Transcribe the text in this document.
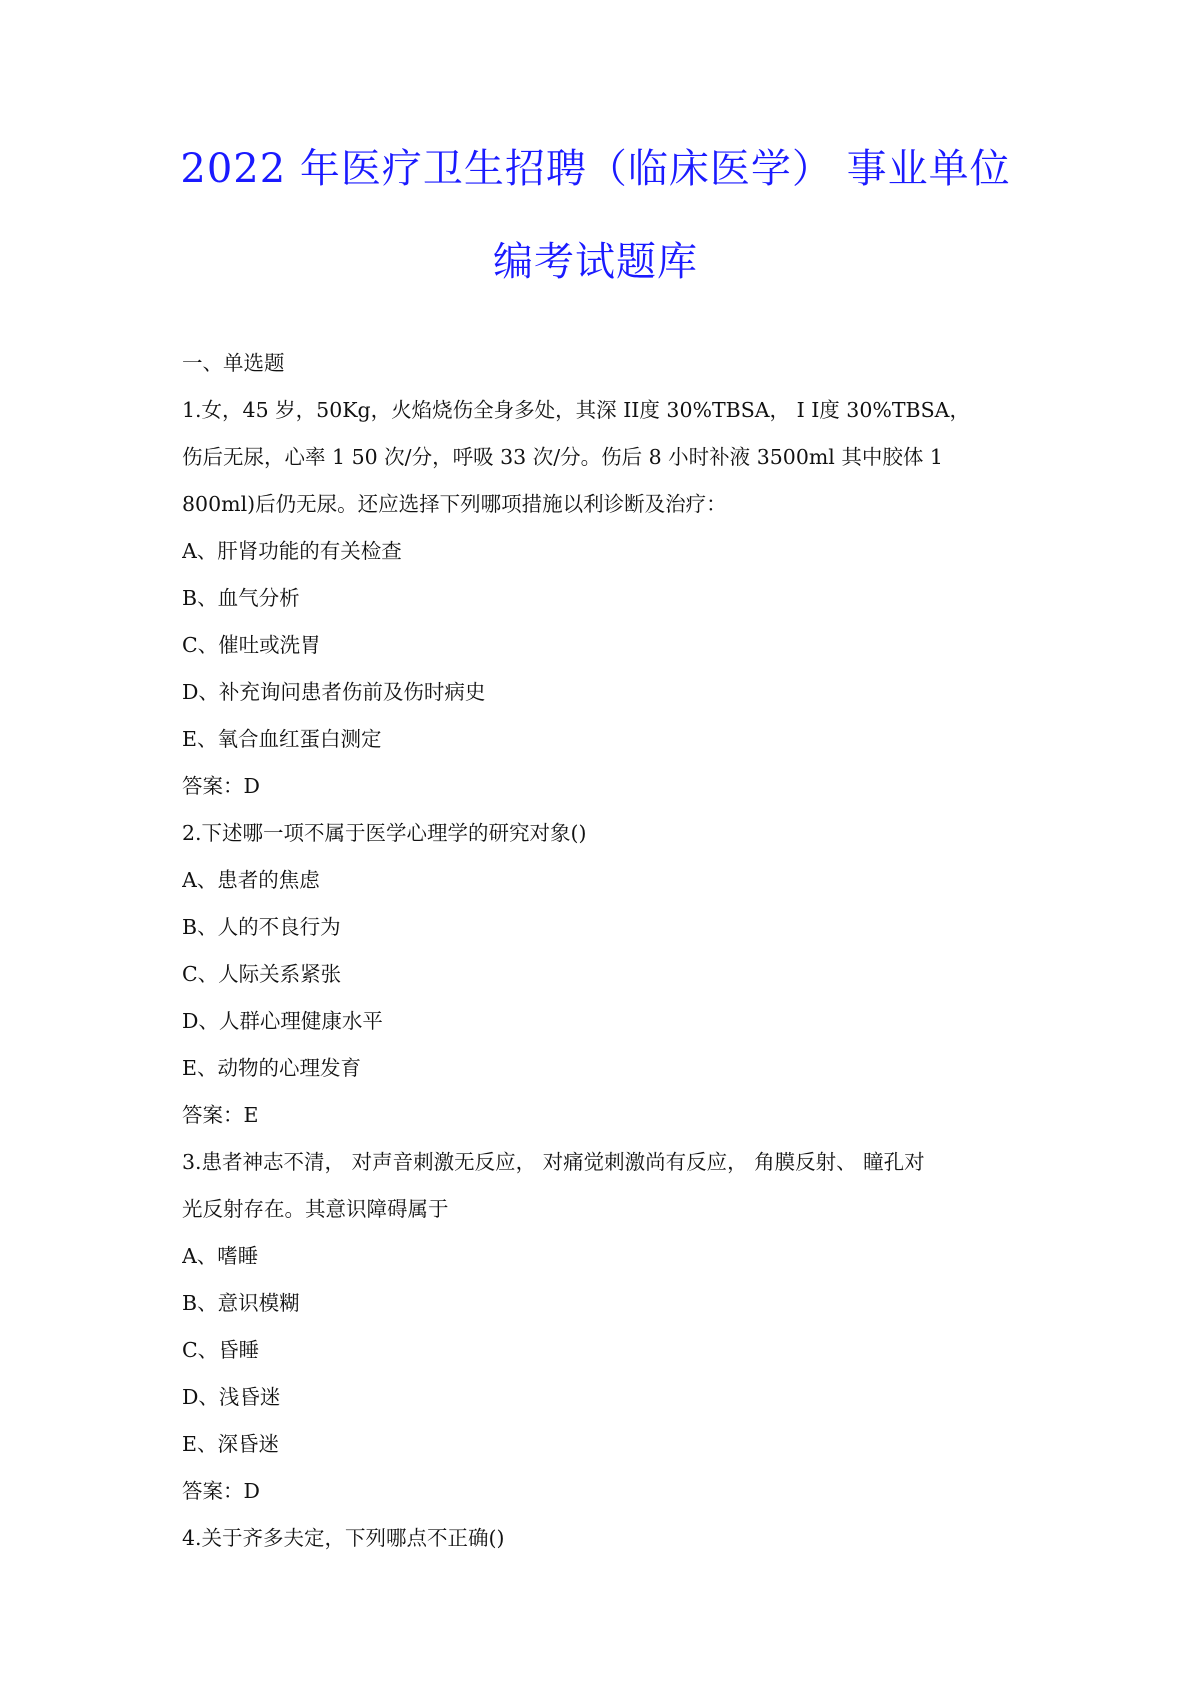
2022 年医疗卫生招聘（临床医学） 事业单位
编考试题库
一、单选题
1.女，45 岁，50Kg，火焰烧伤全身多处，其深 II度 30%TBSA， I I度 30%TBSA，
伤后无尿，心率 1 50 次/分，呼吸 33 次/分。伤后 8 小时补液 3500ml 其中胶体 1
800ml)后仍无尿。还应选择下列哪项措施以利诊断及治疗：
A、肝肾功能的有关检查
B、血气分析
C、催吐或洗胃
D、补充询问患者伤前及伤时病史
E、氧合血红蛋白测定
答案：D
2.下述哪一项不属于医学心理学的研究对象()
A、患者的焦虑
B、人的不良行为
C、人际关系紧张
D、人群心理健康水平
E、动物的心理发育
答案：E
3.患者神志不清， 对声音刺激无反应， 对痛觉刺激尚有反应， 角膜反射、 瞳孔对
光反射存在。其意识障碍属于
A、嗜睡
B、意识模糊
C、昏睡
D、浅昏迷
E、深昏迷
答案：D
4.关于齐多夫定，下列哪点不正确()
